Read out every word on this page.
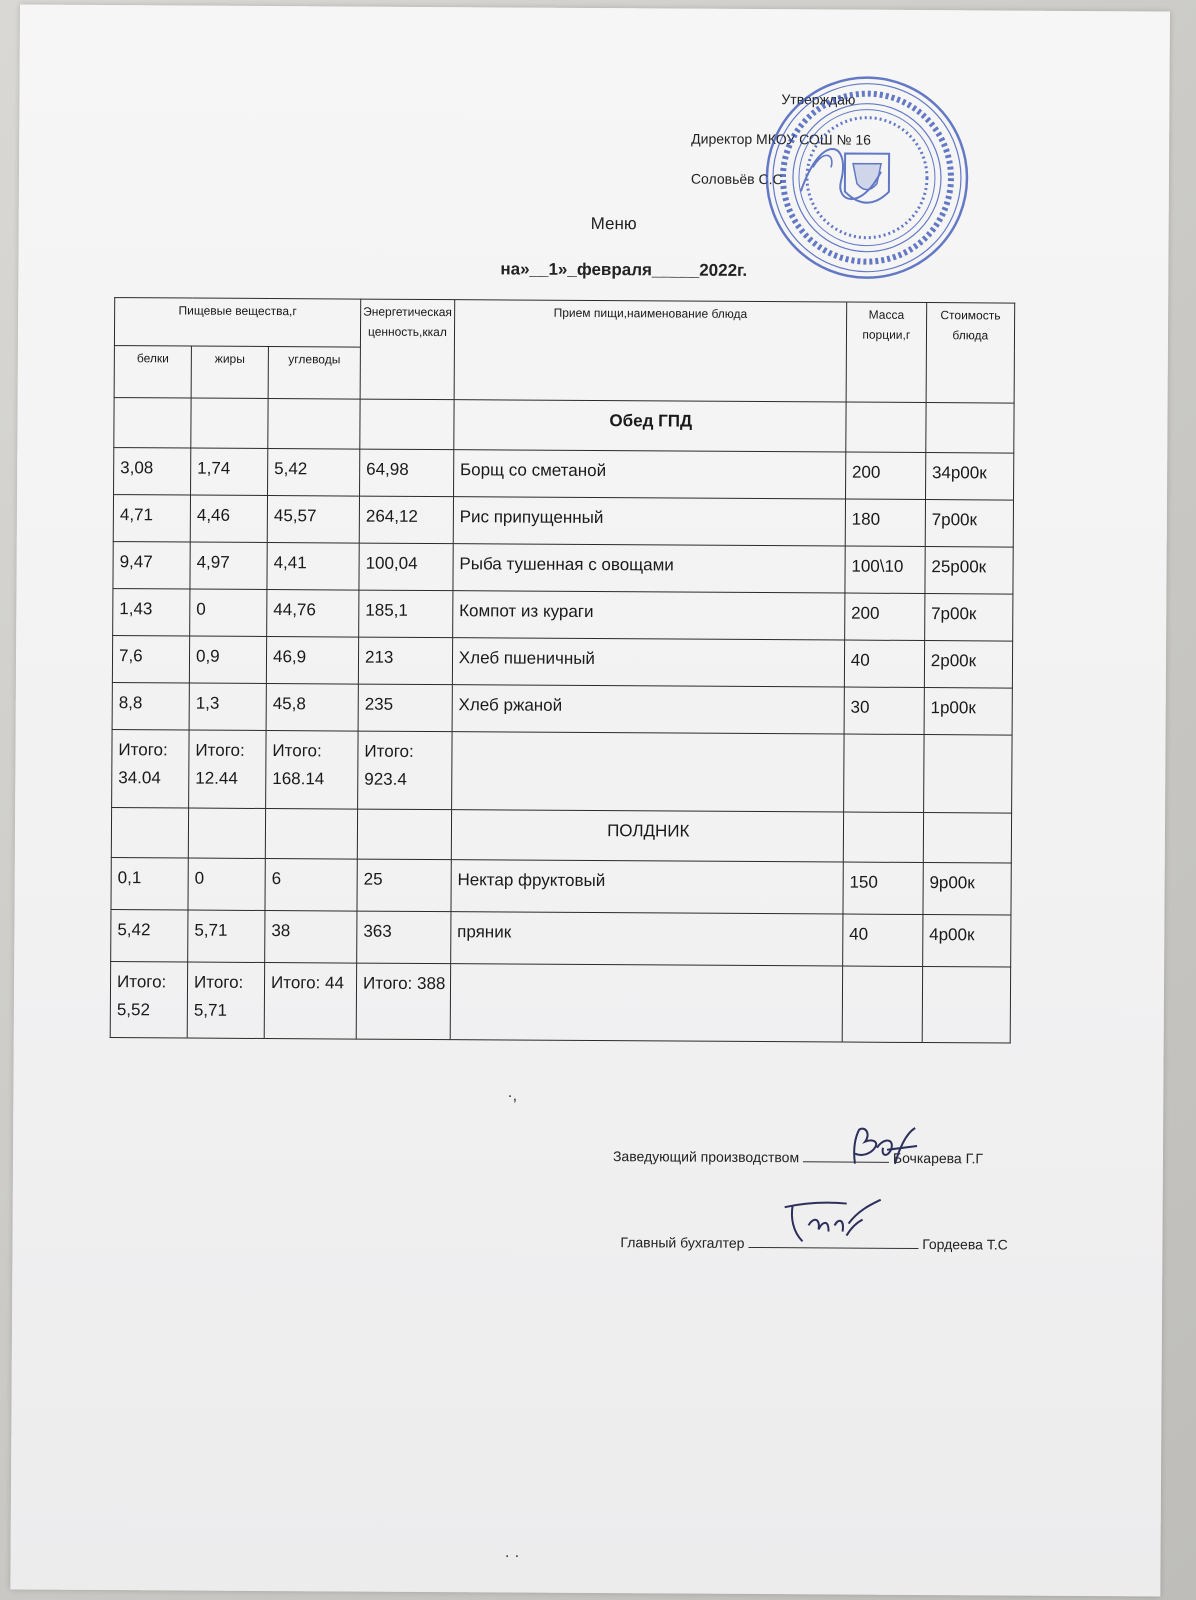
Утверждаю
Директор МКОУ СОШ № 16
Соловьёв С.С
Меню
на»__1»_февраля_____2022г.
Пищевые вещества,г			Энергетическая ценность,ккал	Прием пищи,наименование блюда	Масса порции,г	Стоимость блюда
белки	жиры	углеводы				
				Обед ГПД		
3,08	1,74	5,42	64,98	Борщ со сметаной	200	34р00к
4,71	4,46	45,57	264,12	Рис припущенный	180	7р00к
9,47	4,97	4,41	100,04	Рыба тушенная с овощами	100\10	25р00к
1,43	0	44,76	185,1	Компот из кураги	200	7р00к
7,6	0,9	46,9	213	Хлеб пшеничный	40	2р00к
8,8	1,3	45,8	235	Хлеб ржаной	30	1р00к
Итого: 34.04	Итого: 12.44	Итого: 168.14	Итого: 923.4			
				ПОЛДНИК		
0,1	0	6	25	Нектар фруктовый	150	9р00к
5,42	5,71	38	363	пряник	40	4р00к
Итого: 5,52	Итого: 5,71	Итого: 44	Итого: 388			
·,
Заведующий производством	Бочкарева Г.Г
Главный бухгалтер	Гордеева Т.С
· ·
